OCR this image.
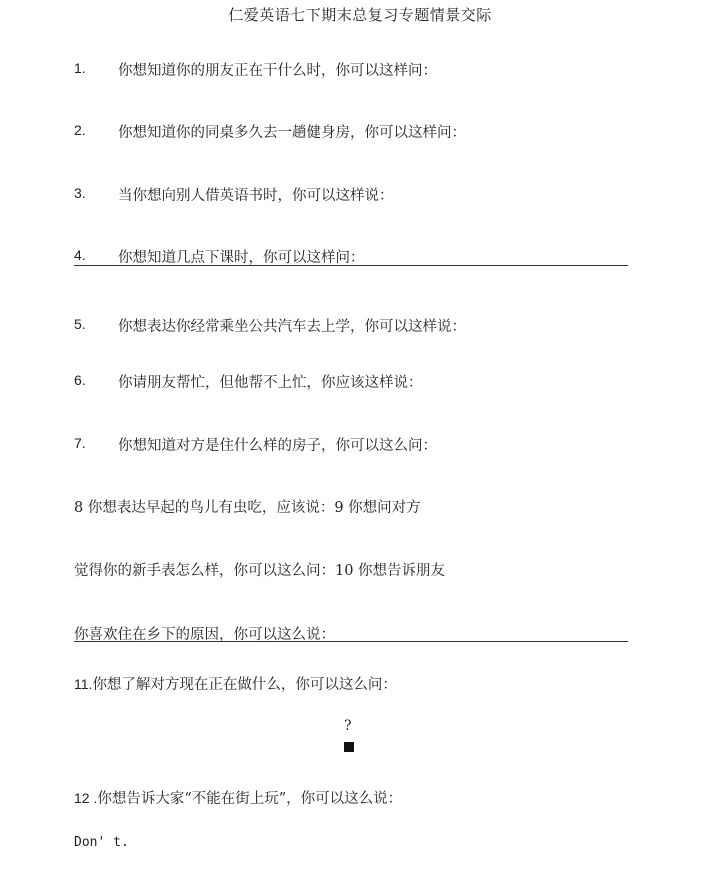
仁爱英语七下期末总复习专题情景交际
1. 你想知道你的朋友正在干什么时，你可以这样问：
2. 你想知道你的同桌多久去一趟健身房，你可以这样问：
3. 当你想向别人借英语书时，你可以这样说：
4. 你想知道几点下课时，你可以这样问：
5. 你想表达你经常乘坐公共汽车去上学，你可以这样说：
6. 你请朋友帮忙，但他帮不上忙，你应该这样说：
7. 你想知道对方是住什么样的房子，你可以这么问：
8 你想表达早起的鸟儿有虫吃，应该说：9 你想问对方
觉得你的新手表怎么样，你可以这么问：10 你想告诉朋友
你喜欢住在乡下的原因，你可以这么说：
11.你想了解对方现在正在做什么，你可以这么问：
?
12 .你想告诉大家“不能在街上玩”，你可以这么说：
Don' t.
